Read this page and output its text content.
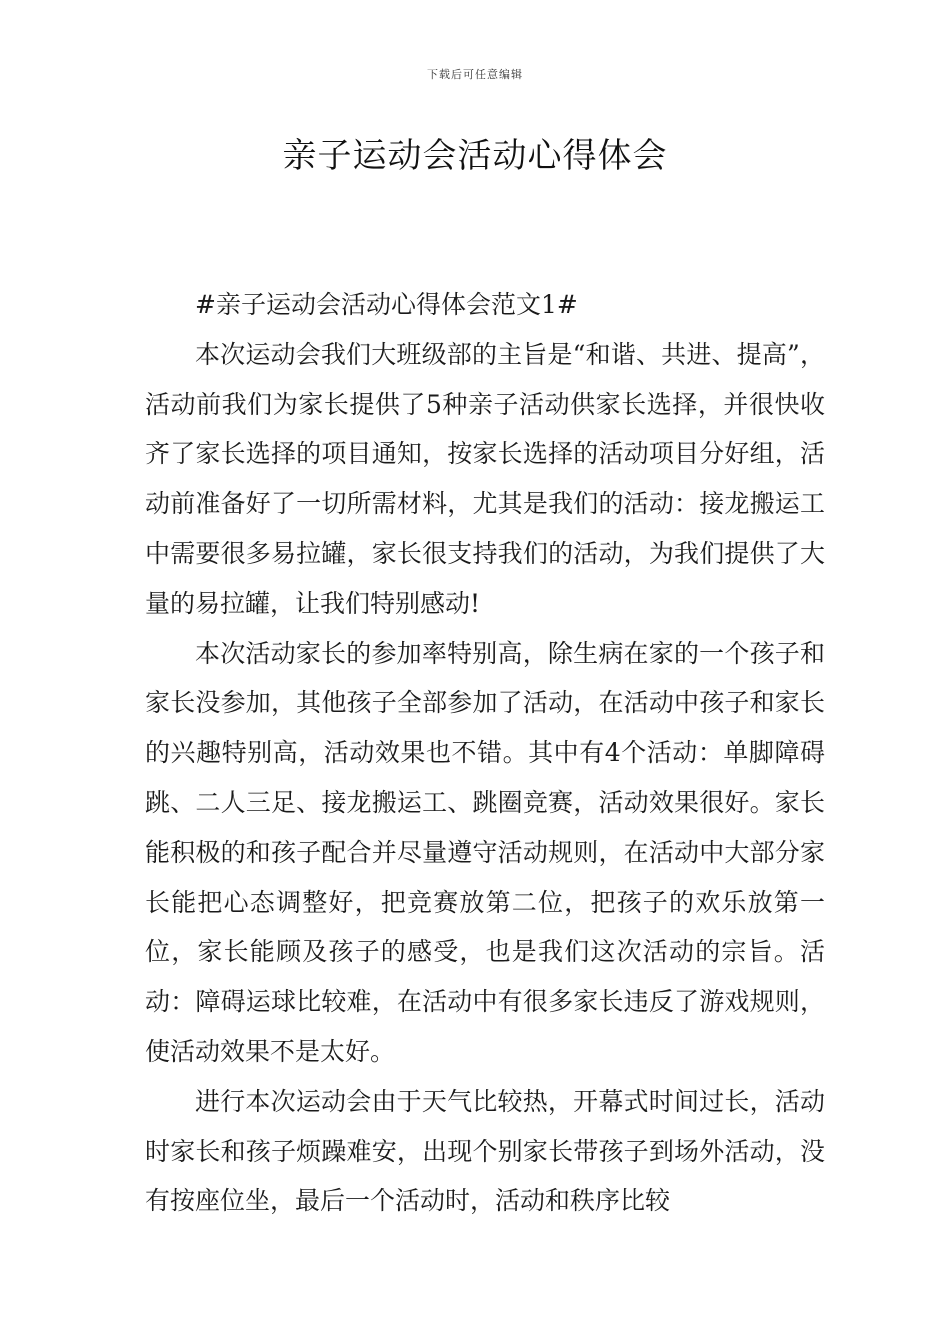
下载后可任意编辑
亲子运动会活动心得体会

#亲子运动会活动心得体会范文1#

本次运动会我们大班级部的主旨是“和谐、共进、提高”，活动前我们为家长提供了5种亲子活动供家长选择，并很快收齐了家长选择的项目通知，按家长选择的活动项目分好组，活动前准备好了一切所需材料，尤其是我们的活动：接龙搬运工中需要很多易拉罐，家长很支持我们的活动，为我们提供了大量的易拉罐，让我们特别感动!

本次活动家长的参加率特别高，除生病在家的一个孩子和家长没参加，其他孩子全部参加了活动，在活动中孩子和家长的兴趣特别高，活动效果也不错。其中有4个活动：单脚障碍跳、二人三足、接龙搬运工、跳圈竞赛，活动效果很好。家长能积极的和孩子配合并尽量遵守活动规则，在活动中大部分家长能把心态调整好，把竞赛放第二位，把孩子的欢乐放第一位，家长能顾及孩子的感受，也是我们这次活动的宗旨。活动：障碍运球比较难，在活动中有很多家长违反了游戏规则，使活动效果不是太好。

进行本次运动会由于天气比较热，开幕式时间过长，活动时家长和孩子烦躁难安，出现个别家长带孩子到场外活动，没有按座位坐，最后一个活动时，活动和秩序比较
